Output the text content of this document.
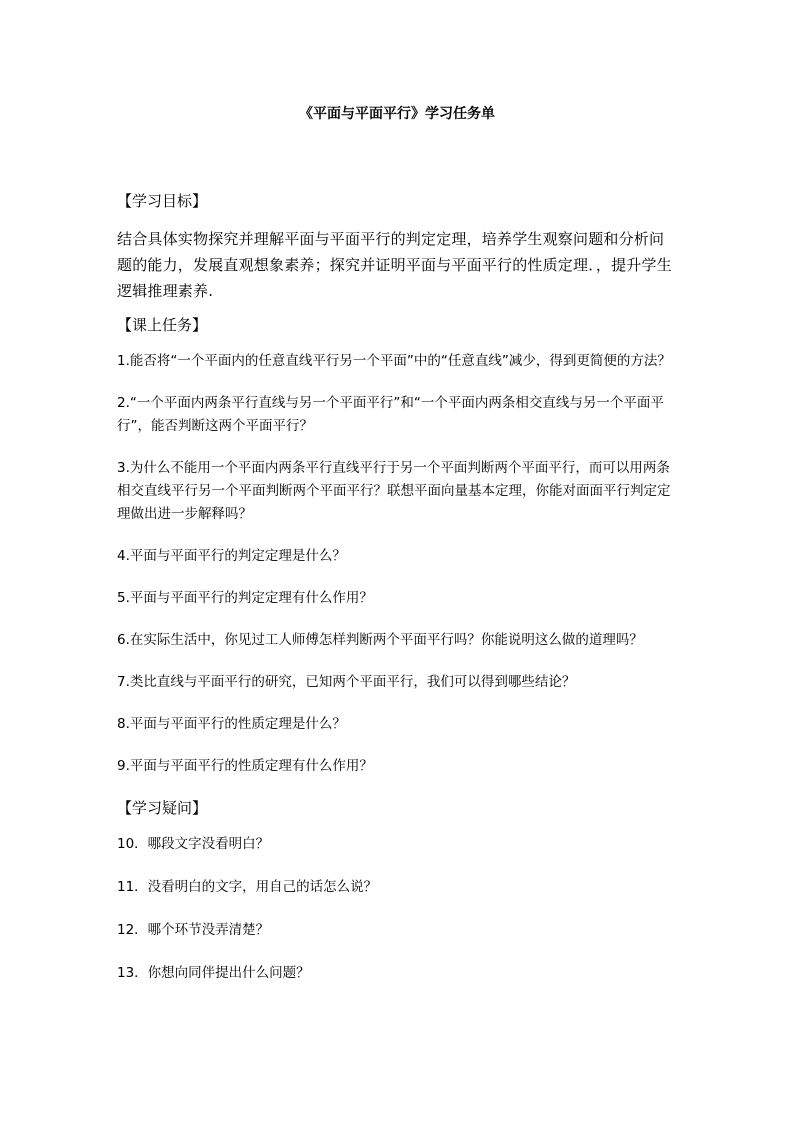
《平面与平面平行》学习任务单

【学习目标】

结合具体实物探究并理解平面与平面平行的判定定理，培养学生观察问题和分析问题的能力，发展直观想象素养；探究并证明平面与平面平行的性质定理．，提升学生逻辑推理素养.

【课上任务】

1.能否将“一个平面内的任意直线平行另一个平面”中的“任意直线”减少，得到更简便的方法？

2.“一个平面内两条平行直线与另一个平面平行”和“一个平面内两条相交直线与另一个平面平行”，能否判断这两个平面平行？

3.为什么不能用一个平面内两条平行直线平行于另一个平面判断两个平面平行，而可以用两条相交直线平行另一个平面判断两个平面平行？联想平面向量基本定理，你能对面面平行判定定理做出进一步解释吗？

4.平面与平面平行的判定定理是什么？

5.平面与平面平行的判定定理有什么作用？

6.在实际生活中，你见过工人师傅怎样判断两个平面平行吗？你能说明这么做的道理吗？

7.类比直线与平面平行的研究，已知两个平面平行，我们可以得到哪些结论？

8.平面与平面平行的性质定理是什么？

9.平面与平面平行的性质定理有什么作用？

【学习疑问】

10．哪段文字没看明白？

11．没看明白的文字，用自己的话怎么说？

12．哪个环节没弄清楚？

13．你想向同伴提出什么问题？
